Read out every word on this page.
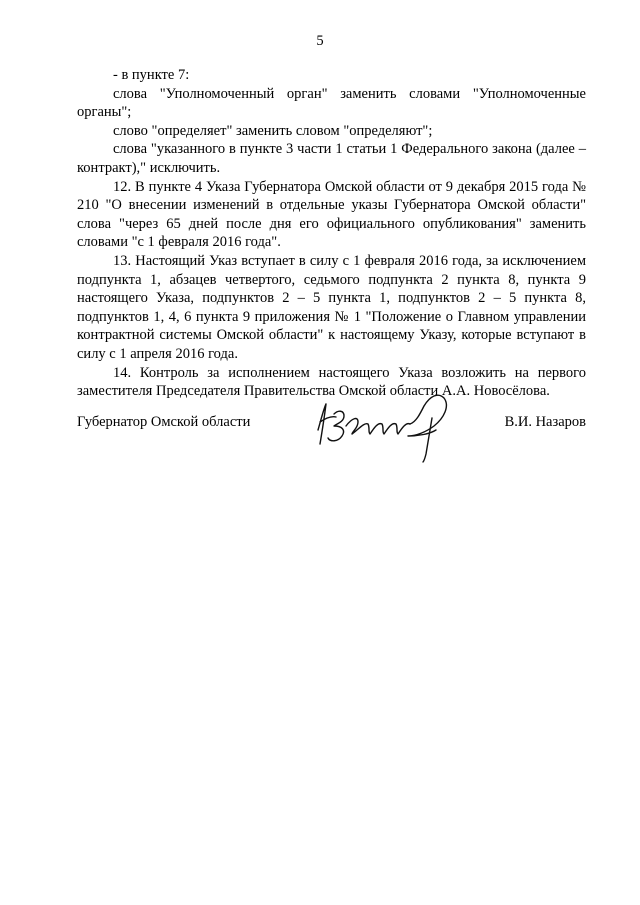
5

- в пункте 7:

слова "Уполномоченный орган" заменить словами "Уполномоченные органы";

слово "определяет" заменить словом "определяют";

слова "указанного в пункте 3 части 1 статьи 1 Федерального закона (далее – контракт)," исключить.

12. В пункте 4 Указа Губернатора Омской области от 9 декабря 2015 года № 210 "О внесении изменений в отдельные указы Губернатора Омской области" слова "через 65 дней после дня его официального опубликования" заменить словами "с 1 февраля 2016 года".

13. Настоящий Указ вступает в силу с 1 февраля 2016 года, за исключением подпункта 1, абзацев четвертого, седьмого подпункта 2 пункта 8, пункта 9 настоящего Указа, подпунктов 2 – 5 пункта 1, подпунктов 2 – 5 пункта 8, подпунктов 1, 4, 6 пункта 9 приложения № 1 "Положение о Главном управлении контрактной системы Омской области" к настоящему Указу, которые вступают в силу с 1 апреля 2016 года.

14. Контроль за исполнением настоящего Указа возложить на первого заместителя Председателя Правительства Омской области А.А. Новосёлова.

Губернатор Омской области	В.И. Назаров
